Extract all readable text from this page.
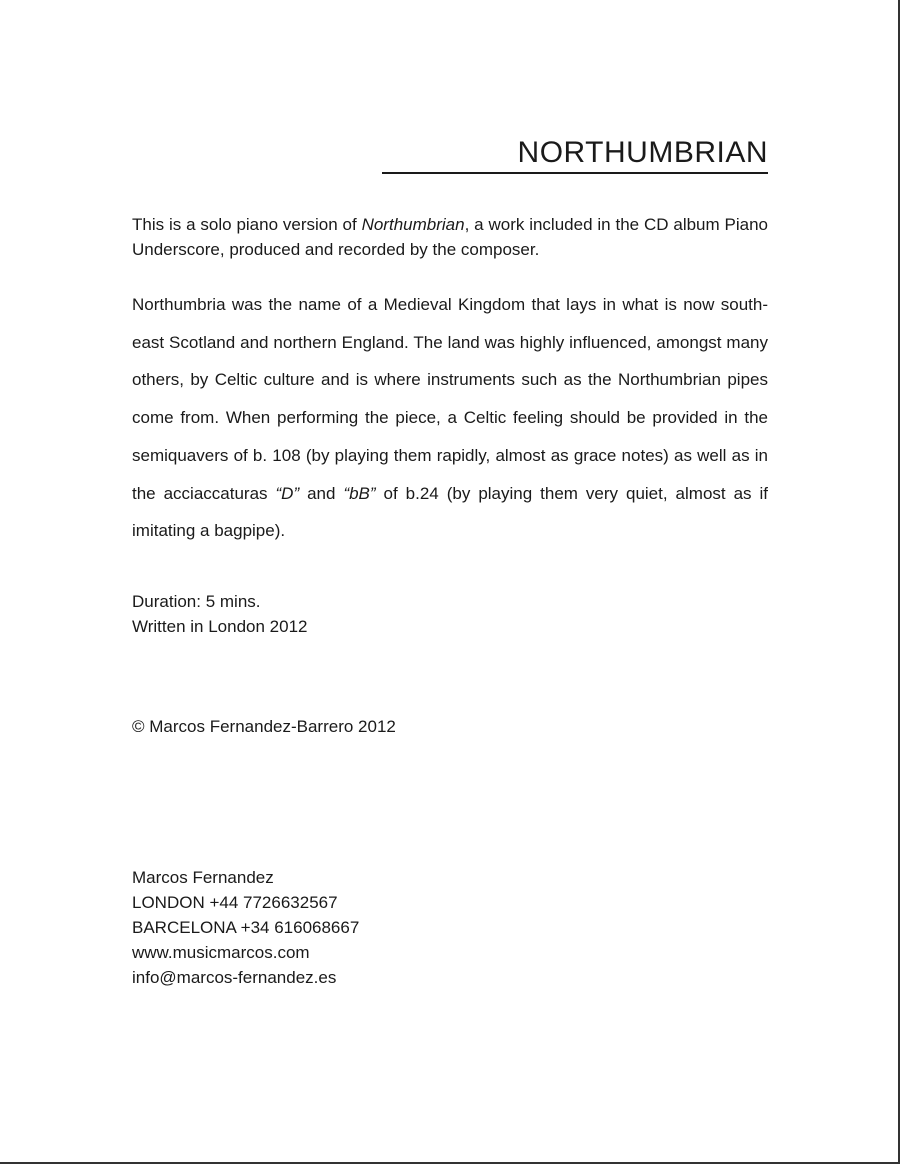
NORTHUMBRIAN

This is a solo piano version of Northumbrian, a work included in the CD album Piano Underscore, produced and recorded by the composer.

Northumbria was the name of a Medieval Kingdom that lays in what is now south-east Scotland and northern England. The land was highly influenced, amongst many others, by Celtic culture and is where instruments such as the Northumbrian pipes come from. When performing the piece, a Celtic feeling should be provided in the semiquavers of b. 108 (by playing them rapidly, almost as grace notes) as well as in the acciaccaturas “D” and “bB” of b.24 (by playing them very quiet, almost as if imitating a bagpipe).

Duration: 5 mins.
Written in London 2012
© Marcos Fernandez-Barrero 2012
Marcos Fernandez
LONDON +44 7726632567
BARCELONA +34 616068667
www.musicmarcos.com
info@marcos-fernandez.es
